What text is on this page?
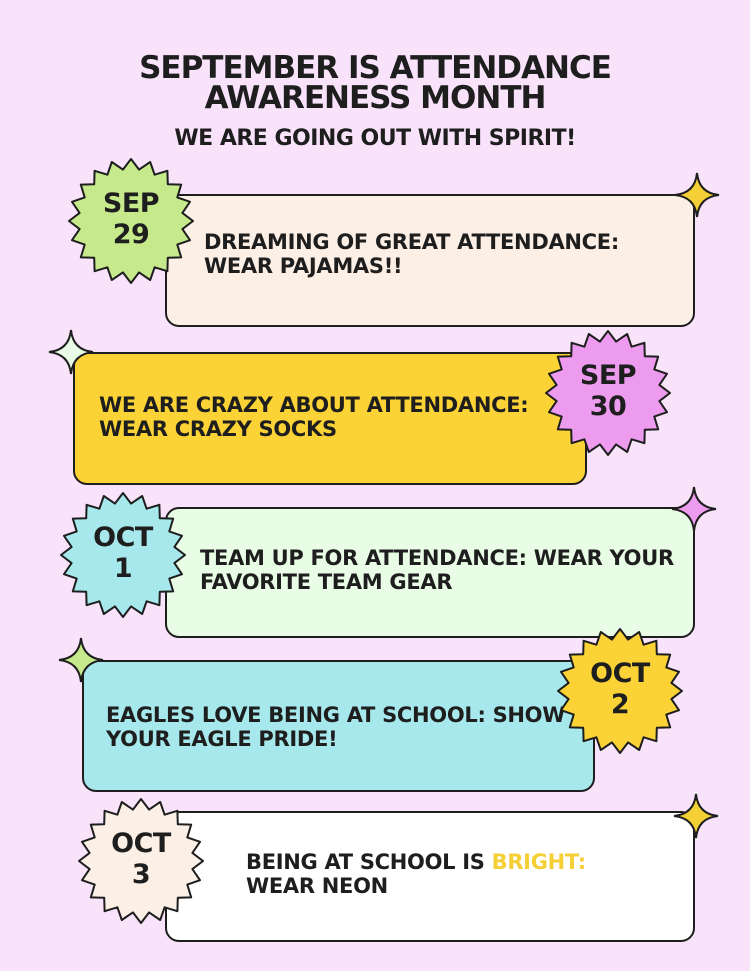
SEPTEMBER IS ATTENDANCE
AWARENESS MONTH
WE ARE GOING OUT WITH SPIRIT!
DREAMING OF GREAT ATTENDANCE:
WEAR PAJAMAS!!
SEP
29
WE ARE CRAZY ABOUT ATTENDANCE:
WEAR CRAZY SOCKS
SEP
30
TEAM UP FOR ATTENDANCE: WEAR YOUR
FAVORITE TEAM GEAR
OCT
1
EAGLES LOVE BEING AT SCHOOL: SHOW
YOUR EAGLE PRIDE!
OCT
2
BEING AT SCHOOL IS BRIGHT:
WEAR NEON
OCT
3
